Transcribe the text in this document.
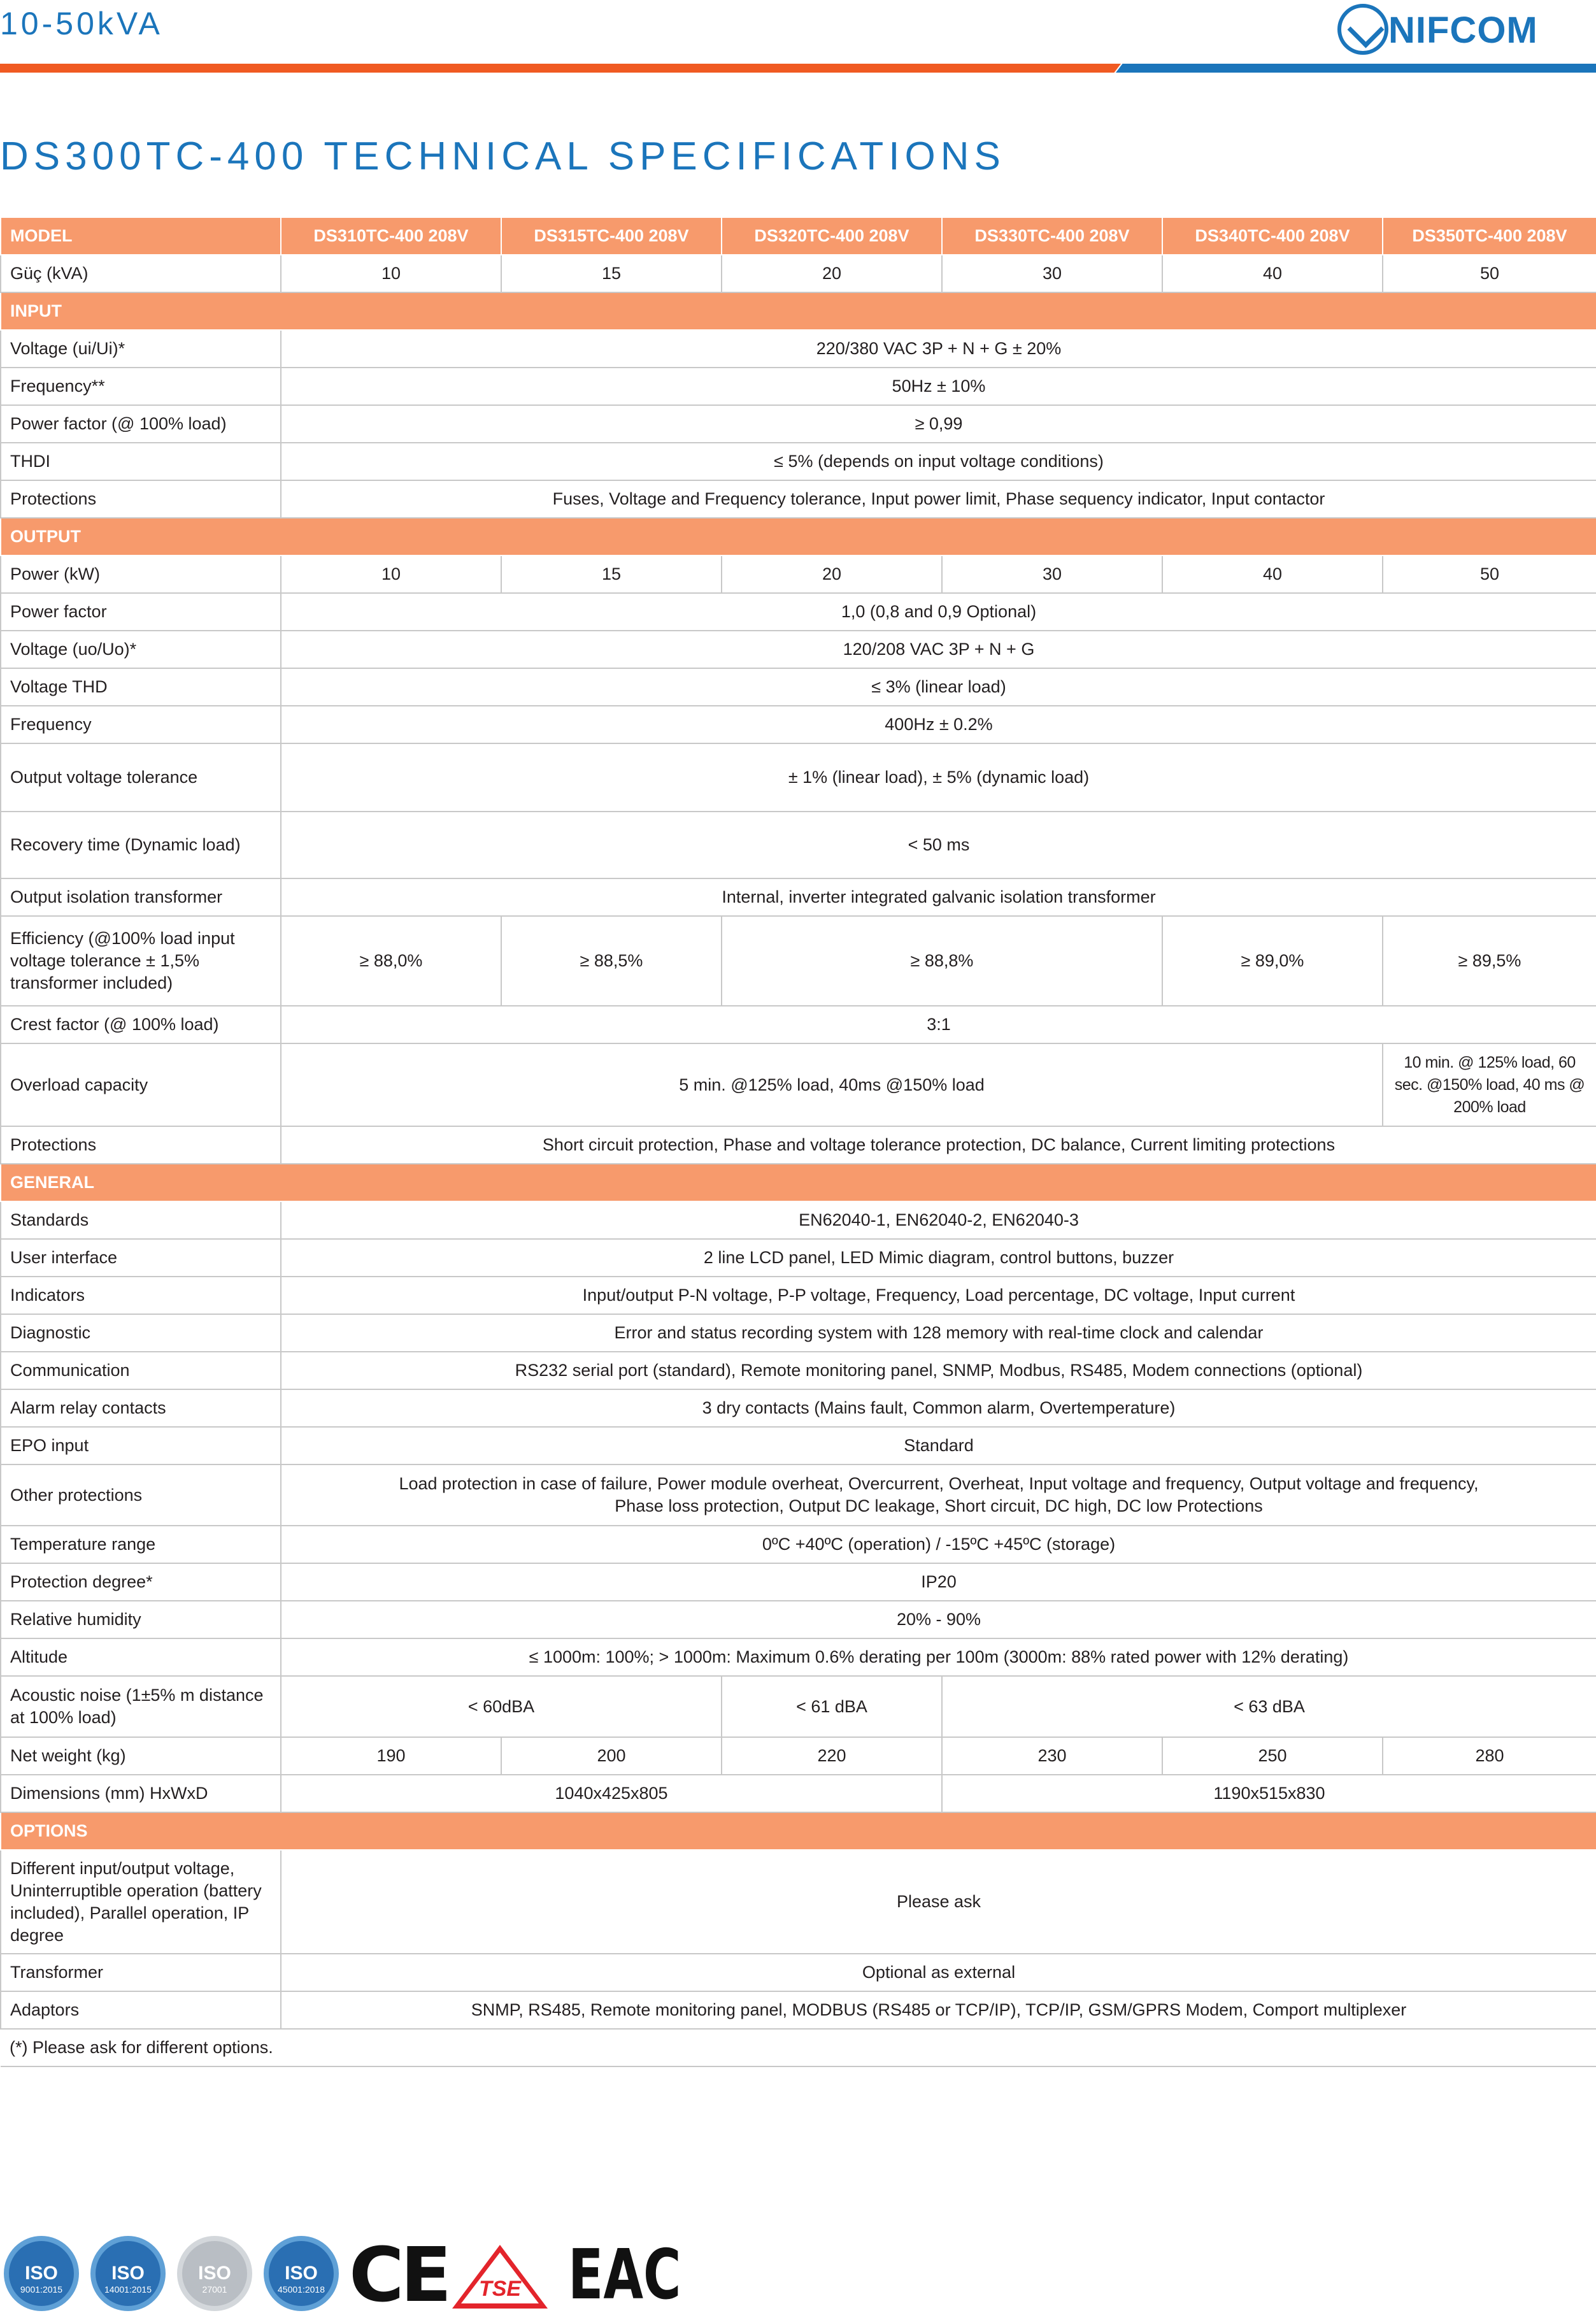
10-50kVA	NIFCOM
DS300TC-400 TECHNICAL SPECIFICATIONS
MODEL	DS310TC-400 208V	DS315TC-400 208V	DS320TC-400 208V	DS330TC-400 208V	DS340TC-400 208V	DS350TC-400 208V
Güç (kVA)	10	15	20	30	40	50
INPUT						
Voltage (ui/Ui)*	220/380 VAC 3P + N + G ± 20%					
Frequency**	50Hz ± 10%					
Power factor (@ 100% load)	≥ 0,99					
THDI	≤ 5% (depends on input voltage conditions)					
Protections	Fuses, Voltage and Frequency tolerance, Input power limit, Phase sequency indicator, Input contactor					
OUTPUT						
Power (kW)	10	15	20	30	40	50
Power factor	1,0 (0,8 and 0,9 Optional)					
Voltage (uo/Uo)*	120/208 VAC 3P + N + G					
Voltage THD	≤ 3% (linear load)					
Frequency	400Hz ± 0.2%					
Output voltage tolerance	± 1% (linear load), ± 5% (dynamic load)					
Recovery time (Dynamic load)	< 50 ms					
Output isolation transformer	Internal, inverter integrated galvanic isolation transformer					
Efficiency (@100% load input voltage tolerance ± 1,5% transformer included)	≥ 88,0%	≥ 88,5%	≥ 88,8%		≥ 89,0%	≥ 89,5%
Crest factor (@ 100% load)	3:1					
Overload capacity	5 min. @125% load, 40ms @150% load					10 min. @ 125% load, 60 sec. @150% load, 40 ms @ 200% load
Protections	Short circuit protection, Phase and voltage tolerance protection, DC balance, Current limiting protections					
GENERAL						
Standards	EN62040-1, EN62040-2, EN62040-3					
User interface	2 line LCD panel, LED Mimic diagram, control buttons, buzzer					
Indicators	Input/output P-N voltage, P-P voltage, Frequency, Load percentage, DC voltage, Input current					
Diagnostic	Error and status recording system with 128 memory with real-time clock and calendar					
Communication	RS232 serial port (standard), Remote monitoring panel, SNMP, Modbus, RS485, Modem connections (optional)					
Alarm relay contacts	3 dry contacts (Mains fault, Common alarm, Overtemperature)					
EPO input	Standard					
Other protections	Load protection in case of failure, Power module overheat, Overcurrent, Overheat, Input voltage and frequency, Output voltage and frequency,
Phase loss protection, Output DC leakage, Short circuit, DC high, DC low Protections					

Temperature range	0ºC +40ºC (operation) / -15ºC +45ºC (storage)					
Protection degree*	IP20					
Relative humidity	20% - 90%					
Altitude	≤ 1000m: 100%; > 1000m: Maximum 0.6% derating per 100m (3000m: 88% rated power with 12% derating)					
Acoustic noise (1±5% m distance at 100% load)	< 60dBA		< 61 dBA	< 63 dBA		
Net weight (kg)	190	200	220	230	250	280
Dimensions (mm) HxWxD	1040x425x805			1190x515x830		
OPTIONS						
Different input/output voltage, Uninterruptible operation (battery included), Parallel operation, IP degree	Please ask					
Transformer	Optional as external					
Adaptors	SNMP, RS485, Remote monitoring panel, MODBUS (RS485 or TCP/IP), TCP/IP, GSM/GPRS Modem, Comport multiplexer					
(*) Please ask for different options.						
ISO
9001:2015
ISO
14001:2015
ISO
27001
ISO
45001:2018 CE	TSE EAC
